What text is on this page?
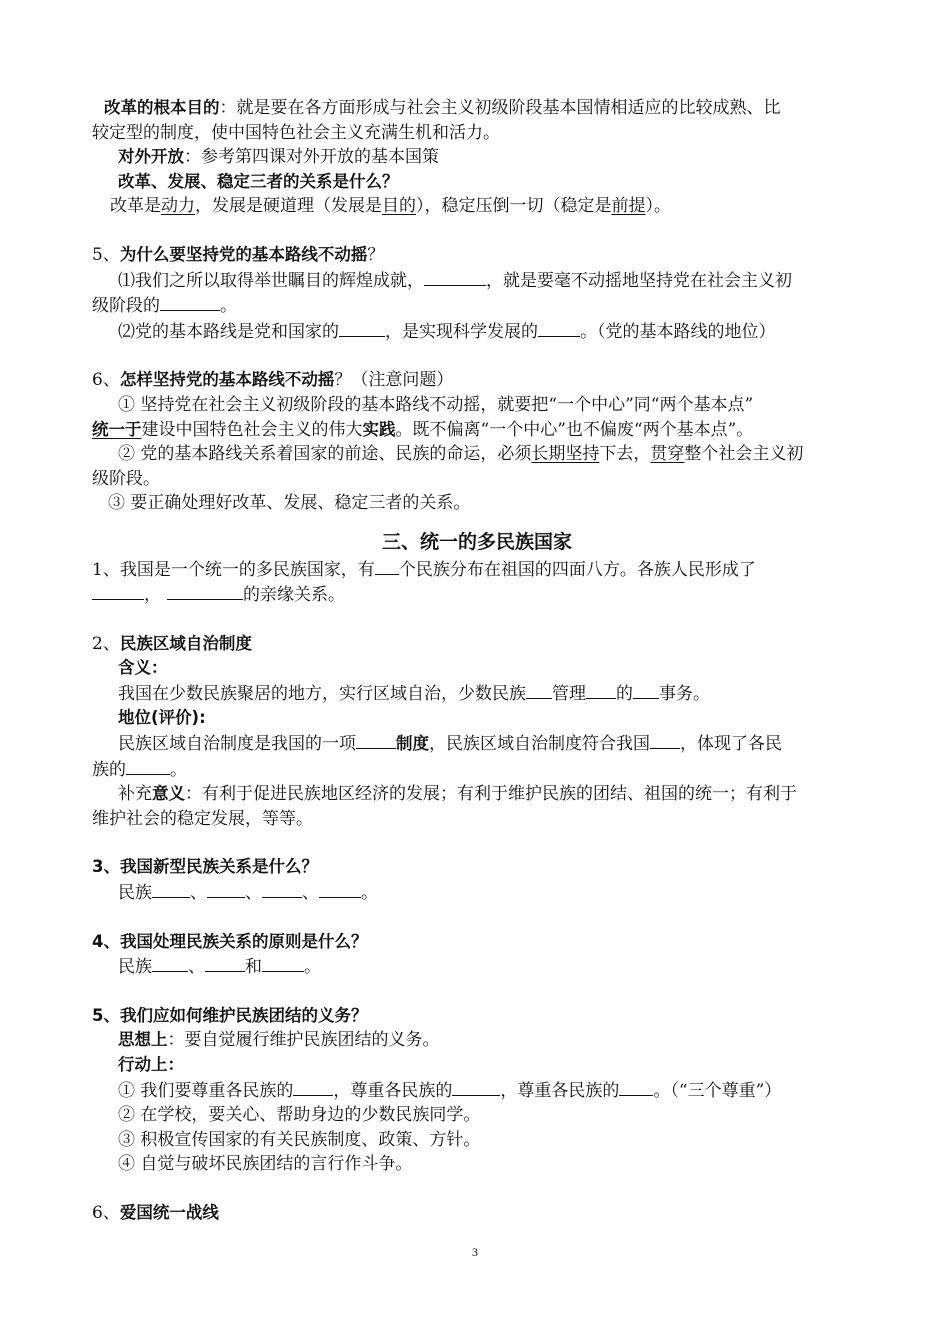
改革的根本目的：就是要在各方面形成与社会主义初级阶段基本国情相适应的比较成熟、比
较定型的制度，使中国特色社会主义充满生机和活力。
对外开放：参考第四课对外开放的基本国策
改革、发展、稳定三者的关系是什么？
改革是动力，发展是硬道理（发展是目的），稳定压倒一切（稳定是前提）。
5、为什么要坚持党的基本路线不动摇？
⑴我们之所以取得举世瞩目的辉煌成就，	，就是要毫不动摇地坚持党在社会主义初
级阶段的	。
⑵党的基本路线是党和国家的	，是实现科学发展的 。（党的基本路线的地位）
6、怎样坚持党的基本路线不动摇？（注意问题）
① 坚持党在社会主义初级阶段的基本路线不动摇，就要把“一个中心”同“两个基本点”
统一于建设中国特色社会主义的伟大实践。既不偏离“一个中心”也不偏废“两个基本点”。
② 党的基本路线关系着国家的前途、民族的命运，必须长期坚持下去，贯穿整个社会主义初
级阶段。
③ 要正确处理好改革、发展、稳定三者的关系。
三、统一的多民族国家
1、我国是一个统一的多民族国家，有 个民族分布在祖国的四面八方。各族人民形成了
，	的亲缘关系。
2、民族区域自治制度
含义：
我国在少数民族聚居的地方，实行区域自治，少数民族 管理 的 事务。
地位(评价):
民族区域自治制度是我国的一项 制度，民族区域自治制度符合我国 ，体现了各民
族的	。
补充意义：有利于促进民族地区经济的发展；有利于维护民族的团结、祖国的统一；有利于
维护社会的稳定发展，等等。
3、我国新型民族关系是什么？
民族 、 、 、 。
4、我国处理民族关系的原则是什么？
民族 、 和 。
5、我们应如何维护民族团结的义务？
思想上：要自觉履行维护民族团结的义务。
行动上：
① 我们要尊重各民族的 ，尊重各民族的	，尊重各民族的 。（“三个尊重”）
② 在学校，要关心、帮助身边的少数民族同学。
③ 积极宣传国家的有关民族制度、政策、方针。
④ 自觉与破坏民族团结的言行作斗争。
6、爱国统一战线
3
